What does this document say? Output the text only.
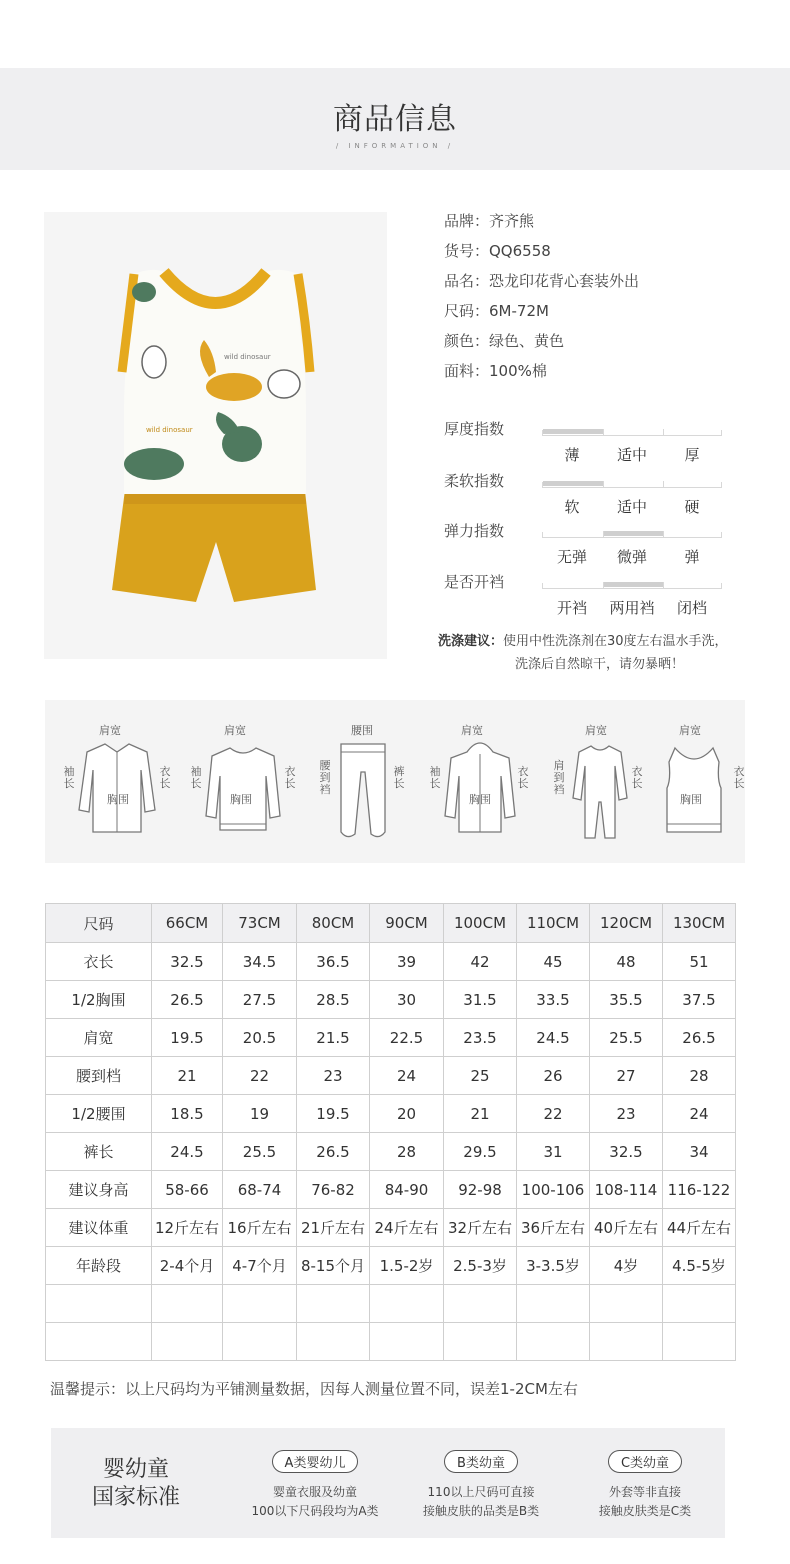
商品信息
/ INFORMATION /
wild dinosaur
wild dinosaur
品牌：齐齐熊
货号：QQ6558
品名：恐龙印花背心套装外出
尺码：6M-72M
颜色：绿色、黄色
面料：100%棉
厚度指数
薄	适中	厚
柔软指数
软	适中	硬
弹力指数
无弹	微弹	弹
是否开裆
开裆	两用裆	闭档
洗涤建议：使用中性洗涤剂在30度左右温水手洗，
洗涤后自然晾干，请勿暴晒！
肩宽
袖长
衣长
胸围
肩宽
袖长
衣长
胸围
腰围
腰到裆
裤长
肩宽
袖长
衣长
胸围
肩宽
肩到裆
衣长
肩宽
衣长
胸围
尺码	66CM	73CM	80CM	90CM	100CM	110CM	120CM	130CM
衣长	32.5	34.5	36.5	39	42	45	48	51
1/2胸围	26.5	27.5	28.5	30	31.5	33.5	35.5	37.5
肩宽	19.5	20.5	21.5	22.5	23.5	24.5	25.5	26.5
腰到档	21	22	23	24	25	26	27	28
1/2腰围	18.5	19	19.5	20	21	22	23	24
裤长	24.5	25.5	26.5	28	29.5	31	32.5	34
建议身高	58-66	68-74	76-82	84-90	92-98	100-106	108-114	116-122
建议体重	12斤左右	16斤左右	21斤左右	24斤左右	32斤左右	36斤左右	40斤左右	44斤左右
年龄段	2-4个月	4-7个月	8-15个月	1.5-2岁	2.5-3岁	3-3.5岁	4岁	4.5-5岁

温馨提示：以上尺码均为平铺测量数据，因每人测量位置不同，误差1-2CM左右
婴幼童
国家标准
A类婴幼儿
婴童衣服及幼童
100以下尺码段均为A类
B类幼童
110以上尺码可直接
接触皮肤的品类是B类
C类幼童
外套等非直接
接触皮肤类是C类
